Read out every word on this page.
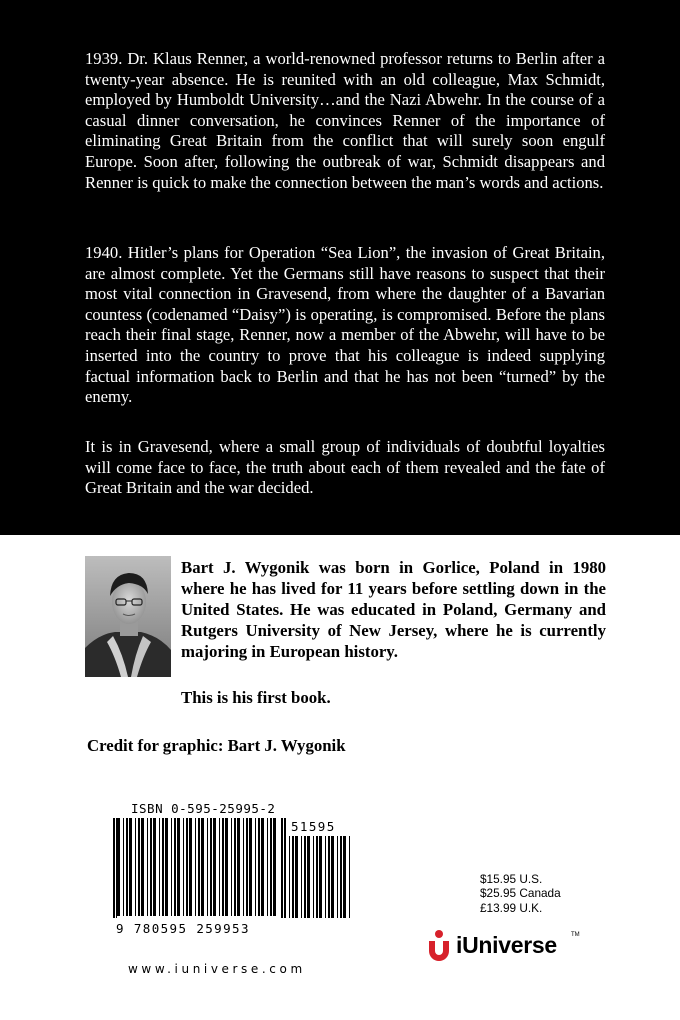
1939. Dr. Klaus Renner, a world-renowned professor returns to Berlin after a twenty-year absence. He is reunited with an old colleague, Max Schmidt, employed by Humboldt University…and the Nazi Abwehr. In the course of a casual dinner conversation, he convinces Renner of the importance of eliminating Great Britain from the conflict that will surely soon engulf Europe. Soon after, following the outbreak of war, Schmidt disappears and Renner is quick to make the connection between the man’s words and actions.

1940. Hitler’s plans for Operation “Sea Lion”, the invasion of Great Britain, are almost complete. Yet the Germans still have reasons to suspect that their most vital connection in Gravesend, from where the daughter of a Bavarian countess (codenamed “Daisy”) is operating, is compromised. Before the plans reach their final stage, Renner, now a member of the Abwehr, will have to be inserted into the country to prove that his colleague is indeed supplying factual information back to Berlin and that he has not been “turned” by the enemy.

It is in Gravesend, where a small group of individuals of doubtful loyalties will come face to face, the truth about each of them revealed and the fate of Great Britain and the war decided.

Bart J. Wygonik was born in Gorlice, Poland in 1980 where he has lived for 11 years before settling down in the United States. He was educated in Poland, Germany and Rutgers University of New Jersey, where he is currently majoring in European history.

This is his first book.

Credit for graphic: Bart J. Wygonik

ISBN 0-595-25995-2
9 780595 259953
51595
$15.95 U.S.
$25.95 Canada
£13.99 U.K.
iUniverse TM
www.iuniverse.com
